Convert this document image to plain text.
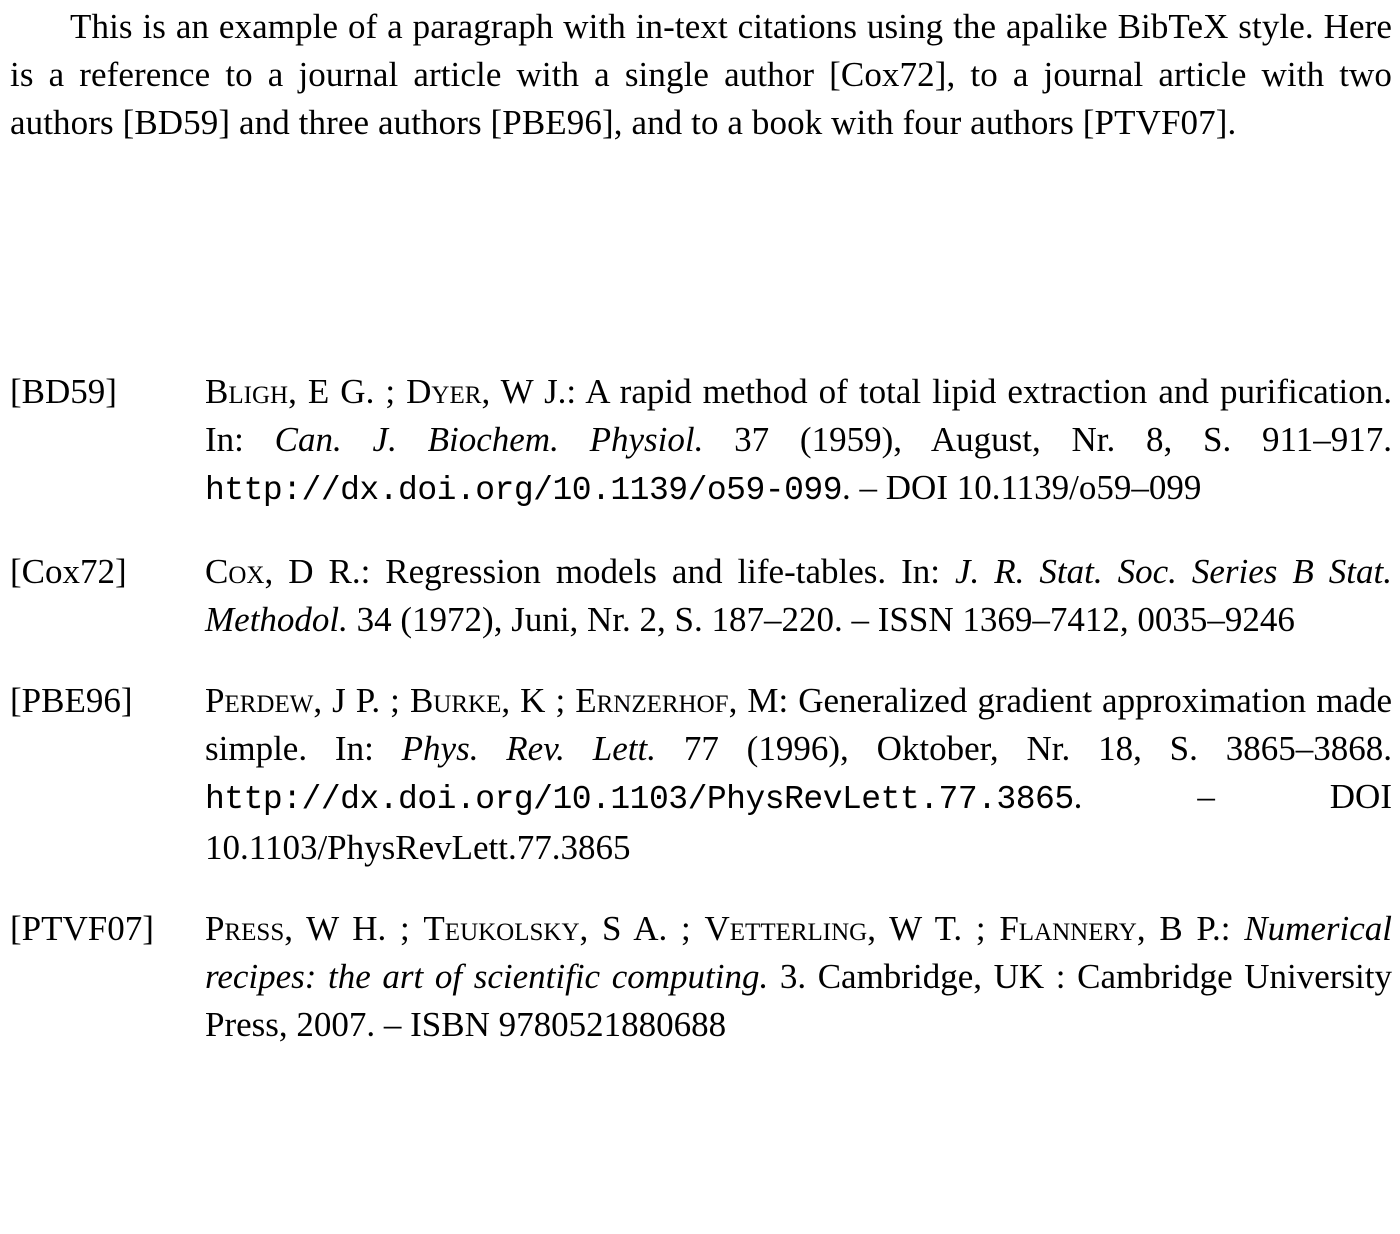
This is an example of a paragraph with in-text citations using the apalike BibTeX style. Here is a reference to a journal article with a single author [Cox72], to a journal article with two authors [BD59] and three authors [PBE96], and to a book with four authors [PTVF07].

[BD59]	Bligh, E G. ; Dyer, W J.: A rapid method of total lipid extraction and purification. In: Can. J. Biochem. Physiol. 37 (1959), August, Nr. 8, S. 911–917. http://dx.doi.org/10.1139/o59-099. – DOI 10.1139/o59–099
[Cox72]	Cox, D R.: Regression models and life-tables. In: J. R. Stat. Soc. Series B Stat. Methodol. 34 (1972), Juni, Nr. 2, S. 187–220. – ISSN 1369–7412, 0035–9246
[PBE96]	Perdew, J P. ; Burke, K ; Ernzerhof, M: Generalized gradient approximation made simple. In: Phys. Rev. Lett. 77 (1996), Oktober, Nr. 18, S. 3865–3868. http://dx.doi.org/10.1103/PhysRevLett.77.3865. – DOI 10.1103/PhysRevLett.77.3865
[PTVF07]	Press, W H. ; Teukolsky, S A. ; Vetterling, W T. ; Flannery, B P.: Numerical recipes: the art of scientific computing. 3. Cambridge, UK : Cambridge University Press, 2007. – ISBN 9780521880688
